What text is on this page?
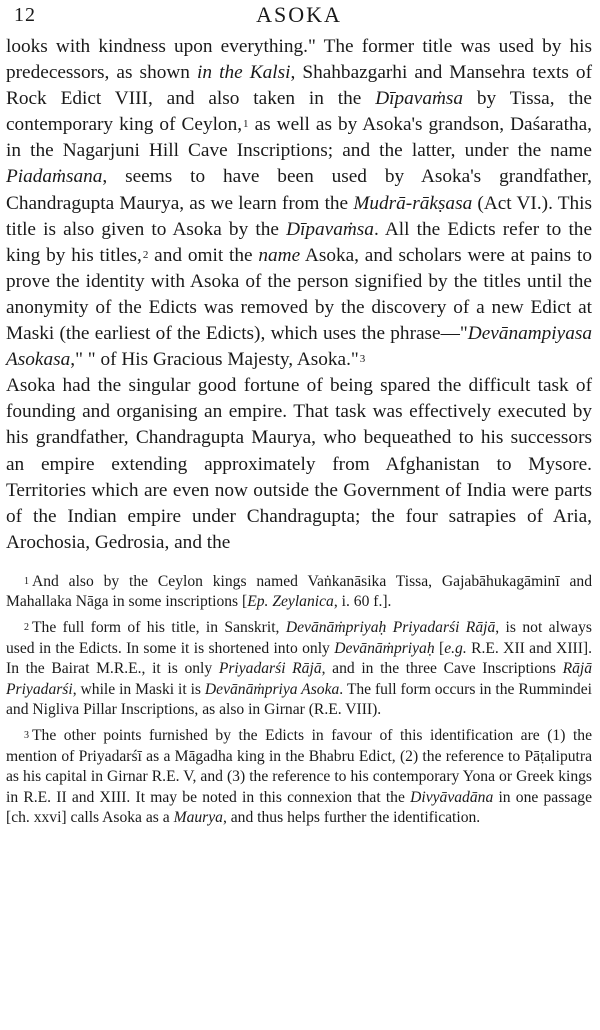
12	ASOKA

looks with kindness upon everything." The former title was used by his predecessors, as shown in the Kalsi, Shahbazgarhi and Mansehra texts of Rock Edict VIII, and also taken in the Dīpavaṁsa by Tissa, the contemporary king of Ceylon,$^1$ as well as by Asoka's grandson, Daśaratha, in the Nagarjuni Hill Cave Inscriptions; and the latter, under the name Piadaṁsana, seems to have been used by Asoka's grandfather, Chandragupta Maurya, as we learn from the Mudrā-rākṣasa (Act VI.). This title is also given to Asoka by the Dīpavaṁsa. All the Edicts refer to the king by his titles,$^2$ and omit the name Asoka, and scholars were at pains to prove the identity with Asoka of the person signified by the titles until the anonymity of the Edicts was removed by the discovery of a new Edict at Maski (the earliest of the Edicts), which uses the phrase—"Devānampiyasa Asokasa," " of His Gracious Majesty, Asoka."$^3$

Asoka had the singular good fortune of being spared the difficult task of founding and organising an empire. That task was effectively executed by his grandfather, Chandragupta Maurya, who bequeathed to his successors an empire extending approximately from Afghanistan to Mysore. Territories which are even now outside the Government of India were parts of the Indian empire under Chandragupta; the four satrapies of Aria, Arochosia, Gedrosia, and the

$^1$ And also by the Ceylon kings named Vaṅkanāsika Tissa, Gajabāhukagāminī and Mahallaka Nāga in some inscriptions [Ep. Zeylanica, i. 60 f.].

$^2$ The full form of his title, in Sanskrit, Devānāṁpriyaḥ Priyadarśi Rājā, is not always used in the Edicts. In some it is shortened into only Devānāṁpriyaḥ [e.g. R.E. XII and XIII]. In the Bairat M.R.E., it is only Priyadarśi Rājā, and in the three Cave Inscriptions Rājā Priyadarśi, while in Maski it is Devānāṁpriya Asoka. The full form occurs in the Rummindei and Nigliva Pillar Inscriptions, as also in Girnar (R.E. VIII).

$^3$ The other points furnished by the Edicts in favour of this identification are (1) the mention of Priyadarśī as a Māgadha king in the Bhabru Edict, (2) the reference to Pāṭaliputra as his capital in Girnar R.E. V, and (3) the reference to his contemporary Yona or Greek kings in R.E. II and XIII. It may be noted in this connexion that the Divyāvadāna in one passage [ch. xxvi] calls Asoka as a Maurya, and thus helps further the identification.
